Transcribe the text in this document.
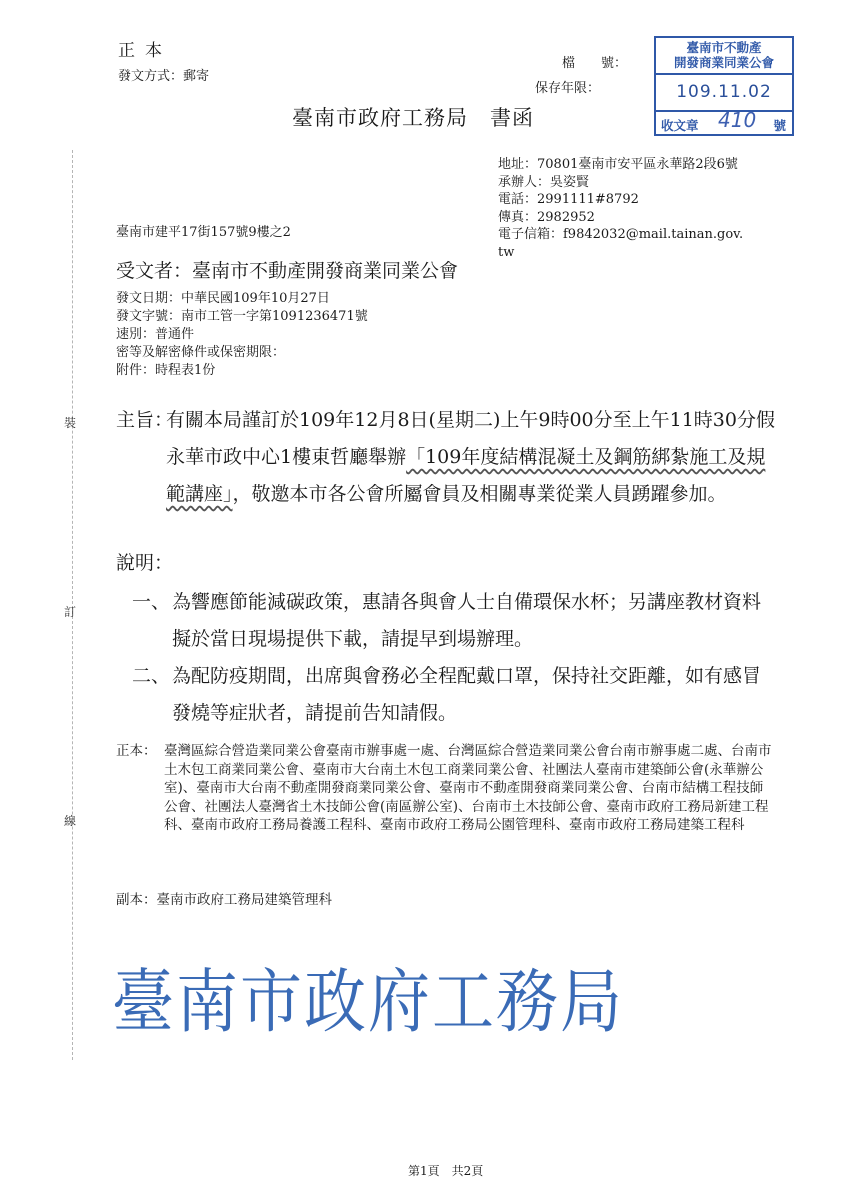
裝
訂
線
正本
發文方式：郵寄
臺南市政府工務局　書函
檔　　號：
保存年限：
臺南市不動產
開發商業同業公會
109.11.02
收文章 410 號
地址：70801臺南市安平區永華路2段6號
承辦人：吳姿賢
電話：2991111#8792
傳真：2982952
電子信箱：f9842032@mail.tainan.gov.
tw
臺南市建平17街157號9樓之2
受文者：臺南市不動產開發商業同業公會
發文日期：中華民國109年10月27日
發文字號：南市工管一字第1091236471號
速別：普通件
密等及解密條件或保密期限：
附件：時程表1份
主旨：
有關本局謹訂於109年12月8日(星期二)上午9時00分至上午11時30分假永華市政中心1樓東哲廳舉辦「109年度結構混凝土及鋼筋綁紮施工及規範講座」，敬邀本市各公會所屬會員及相關專業從業人員踴躍參加。
說明：
一、 為響應節能減碳政策，惠請各與會人士自備環保水杯；另講座教材資料擬於當日現場提供下載，請提早到場辦理。
二、 為配防疫期間，出席與會務必全程配戴口罩，保持社交距離，如有感冒發燒等症狀者，請提前告知請假。
正本： 臺灣區綜合營造業同業公會臺南市辦事處一處、台灣區綜合營造業同業公會台南市辦事處二處、台南市土木包工商業同業公會、臺南市大台南土木包工商業同業公會、社團法人臺南市建築師公會(永華辦公室)、臺南市大台南不動產開發商業同業公會、臺南市不動產開發商業同業公會、台南市結構工程技師公會、社團法人臺灣省土木技師公會(南區辦公室)、台南市土木技師公會、臺南市政府工務局新建工程科、臺南市政府工務局養護工程科、臺南市政府工務局公園管理科、臺南市政府工務局建築工程科
副本：臺南市政府工務局建築管理科
臺南市政府工務局
第1頁　共2頁
